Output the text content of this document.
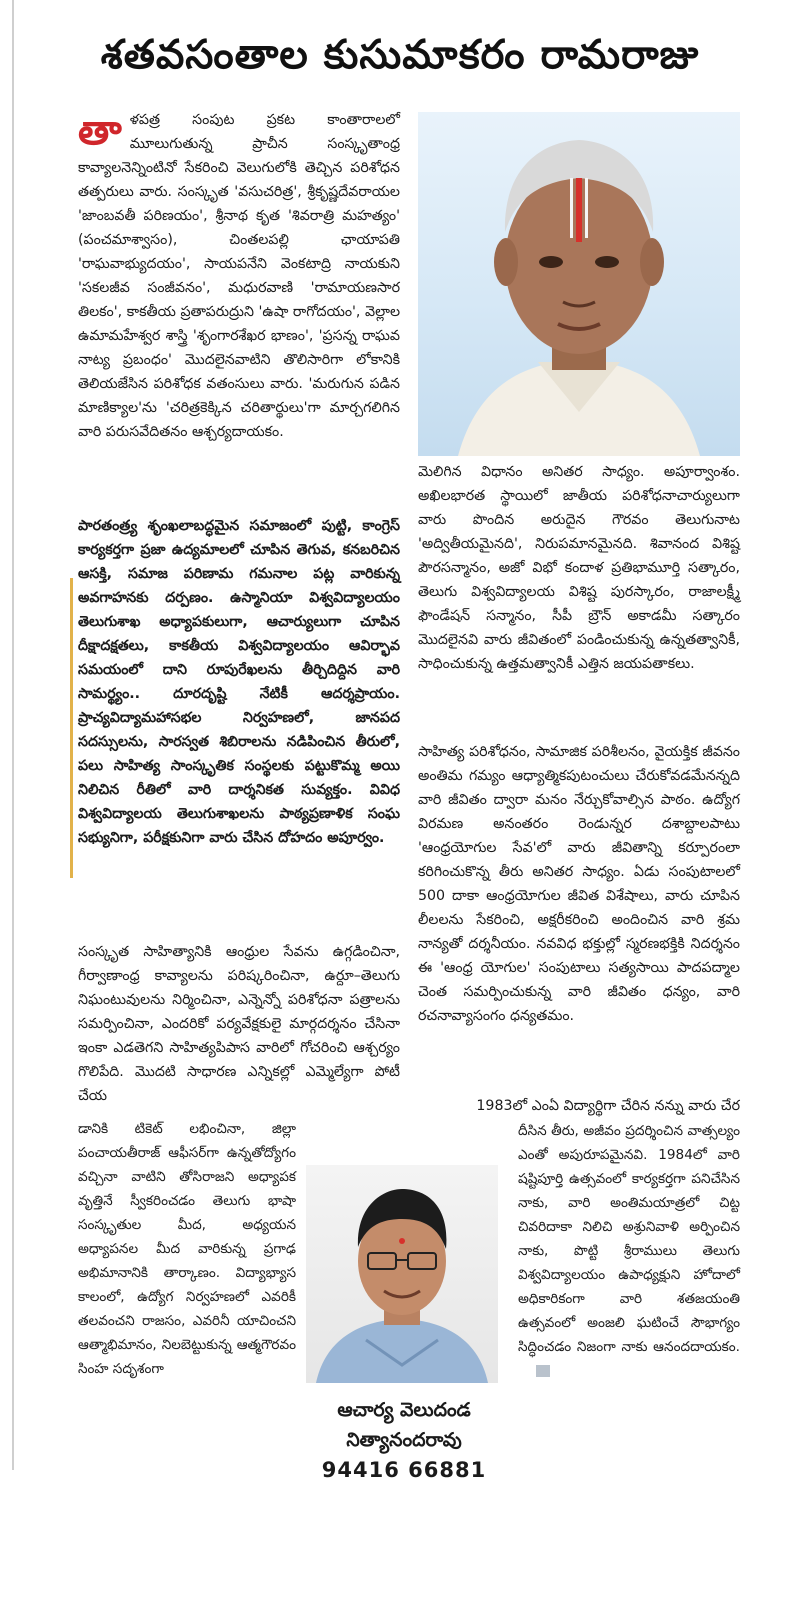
శతవసంతాల కుసుమాకరం రామరాజు

తాళపత్ర సంపుట ప్రకట కాంతారాలలో మూలుగుతున్న ప్రాచీన సంస్కృతాంధ్ర కావ్యాలనెన్నింటినో సేకరించి వెలుగులోకి తెచ్చిన పరిశోధన తత్పరులు వారు. సంస్కృత 'వసుచరిత్ర', శ్రీకృష్ణదేవరాయల 'జాంబవతీ పరిణయం', శ్రీనాథ కృత 'శివరాత్రి మహత్యం' (పంచమాశ్వాసం), చింతలపల్లి ఛాయాపతి 'రాఘవాభ్యుదయం', సాయపనేని వెంకటాద్రి నాయకుని 'సకలజీవ సంజీవనం', మధురవాణి 'రామాయణసార తిలకం', కాకతీయ ప్రతాపరుద్రుని 'ఉషా రాగోదయం', వెల్లాల ఉమామహేశ్వర శాస్త్రి 'శృంగారశేఖర భాణం', 'ప్రసన్న రాఘవ నాట్య ప్రబంధం' మొదలైనవాటిని తొలిసారిగా లోకానికి తెలియజేసిన పరిశోధక వతంసులు వారు. 'మరుగున పడిన మాణిక్యాల'ను 'చరిత్రకెక్కిన చరితార్థులు'గా మార్చగలిగిన వారి పరుసవేదితనం ఆశ్చర్యదాయకం.

పారతంత్ర్య శృంఖలాబద్ధమైన సమాజంలో పుట్టి, కాంగ్రెస్ కార్యకర్తగా ప్రజా ఉద్యమాలలో చూపిన తెగువ, కనబరిచిన ఆసక్తి, సమాజ పరిణామ గమనాల పట్ల వారికున్న అవగాహనకు దర్పణం. ఉస్మానియా విశ్వవిద్యాలయం తెలుగుశాఖ అధ్యాపకులుగా, ఆచార్యులుగా చూపిన దీక్షాదక్షతలు, కాకతీయ విశ్వవిద్యాలయం ఆవిర్భావ సమయంలో దాని రూపురేఖలను తీర్చిదిద్దిన వారి సామర్థ్యం.. దూరదృష్టి నేటికీ ఆదర్శప్రాయం. ప్రాచ్యవిద్యామహాసభల నిర్వహణలో, జానపద సదస్సులను, సారస్వత శిబిరాలను నడిపించిన తీరులో, పలు సాహిత్య సాంస్కృతిక సంస్థలకు పట్టుకొమ్మ అయి నిలిచిన రీతిలో వారి దార్శనికత సువ్యక్తం. వివిధ విశ్వవిద్యాలయ తెలుగుశాఖలను పాఠ్యప్రణాళిక సంఘ సభ్యునిగా, పరీక్షకునిగా వారు చేసిన దోహదం అపూర్వం.

సంస్కృత సాహిత్యానికి ఆంధ్రుల సేవను ఉగ్గడించినా, గీర్వాణాంధ్ర కావ్యాలను పరిష్కరించినా, ఉర్దూ–తెలుగు నిఘంటువులను నిర్మించినా, ఎన్నెన్నో పరిశోధనా పత్రాలను సమర్పించినా, ఎందరికో పర్యవేక్షకులై మార్గదర్శనం చేసినా ఇంకా ఎడతెగని సాహిత్యపిపాస వారిలో గోచరించి ఆశ్చర్యం గొలిపేది. మొదటి సాధారణ ఎన్నికల్లో ఎమ్మెల్యేగా పోటీ చేయ

డానికి టికెట్ లభించినా, జిల్లా పంచాయతీరాజ్ ఆఫీసర్‌గా ఉన్నతోద్యోగం వచ్చినా వాటిని తోసిరాజని అధ్యాపక వృత్తినే స్వీకరించడం తెలుగు భాషా సంస్కృతుల మీద, అధ్యయన అధ్యాపనల మీద వారికున్న ప్రగాఢ అభిమానానికి తార్కాణం. విద్యాభ్యాస కాలంలో, ఉద్యోగ నిర్వహణలో ఎవరికీ తలవంచని రాజసం, ఎవరినీ యాచించని ఆత్మాభిమానం, నిలబెట్టుకున్న ఆత్మగౌరవం సింహ సదృశంగా

మెలిగిన విధానం అనితర సాధ్యం. అపూర్వాంశం. అఖిలభారత స్థాయిలో జాతీయ పరిశోధనాచార్యులుగా వారు పొందిన అరుదైన గౌరవం తెలుగునాట 'అద్వితీయమైనది', నిరుపమానమైనది. శివానంద విశిష్ట పౌరసన్మానం, అజో విభో కందాళ ప్రతిభామూర్తి సత్కారం, తెలుగు విశ్వవిద్యాలయ విశిష్ట పురస్కారం, రాజాలక్ష్మీ ఫౌండేషన్ సన్మానం, సీపీ బ్రౌన్ అకాడమీ సత్కారం మొదలైనవి వారు జీవితంలో పండించుకున్న ఉన్నతత్వానికీ, సాధించుకున్న ఉత్తమత్వానికీ ఎత్తిన జయపతాకలు.

సాహిత్య పరిశోధనం, సామాజిక పరిశీలనం, వైయక్తిక జీవనం అంతిమ గమ్యం ఆధ్యాత్మికపుటంచులు చేరుకోవడమేనన్నది వారి జీవితం ద్వారా మనం నేర్చుకోవాల్సిన పాఠం. ఉద్యోగ విరమణ అనంతరం రెండున్నర దశాబ్దాలపాటు 'ఆంధ్రయోగుల సేవ'లో వారు జీవితాన్ని కర్పూరంలా కరిగించుకొన్న తీరు అనితర సాధ్యం. ఏడు సంపుటాలలో 500 దాకా ఆంధ్రయోగుల జీవిత విశేషాలు, వారు చూపిన లీలలను సేకరించి, అక్షరీకరించి అందించిన వారి శ్రమ నాన్యతో దర్శనీయం. నవవిధ భక్తుల్లో స్మరణభక్తికి నిదర్శనం ఈ 'ఆంధ్ర యోగుల' సంపుటాలు సత్యసాయి పాదపద్మాల చెంత సమర్పించుకున్న వారి జీవితం ధన్యం, వారి రచనావ్యాసంగం ధన్యతమం.

1983లో ఎంఏ విద్యార్థిగా చేరిన నన్ను వారు చేర

దీసిన తీరు, అజీవం ప్రదర్శించిన వాత్సల్యం ఎంతో అపురూపమైనవి. 1984లో వారి షష్టిపూర్తి ఉత్సవంలో కార్యకర్తగా పనిచేసిన నాకు, వారి అంతిమయాత్రలో చిట్ట చివరిదాకా నిలిచి అశ్రునివాళి అర్పించిన నాకు, పొట్టి శ్రీరాములు తెలుగు విశ్వవిద్యాలయం ఉపాధ్యక్షుని హోదాలో అధికారికంగా వారి శతజయంతి ఉత్సవంలో అంజలి ఘటించే సౌభాగ్యం సిద్ధించడం నిజంగా నాకు ఆనందదాయకం.

ఆచార్య వెలుదండ
నిత్యానందరావు
94416 66881
